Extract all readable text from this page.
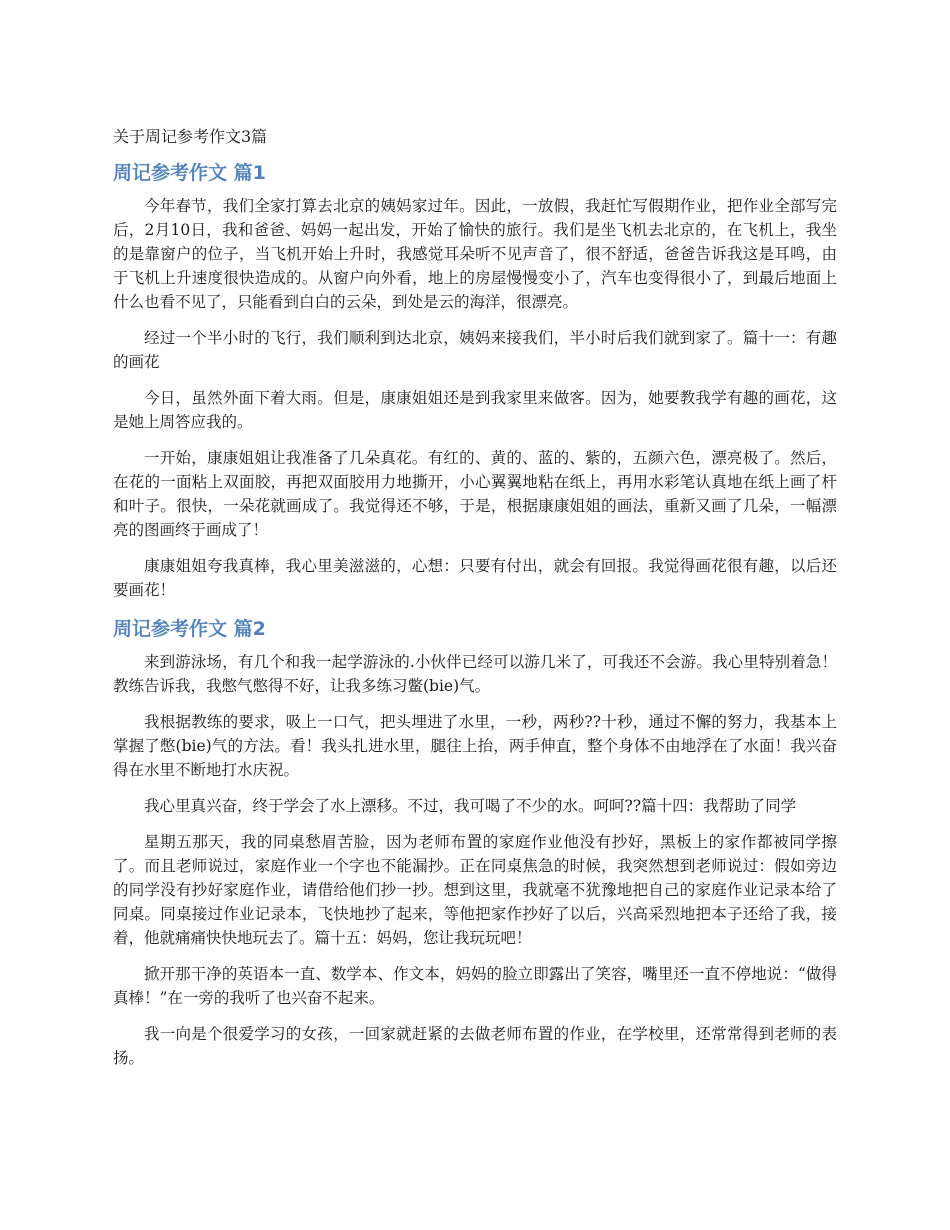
关于周记参考作文3篇
周记参考作文 篇1

今年春节，我们全家打算去北京的姨妈家过年。因此，一放假，我赶忙写假期作业，把作业全部写完后，2月10日，我和爸爸、妈妈一起出发，开始了愉快的旅行。我们是坐飞机去北京的，在飞机上，我坐的是靠窗户的位子，当飞机开始上升时，我感觉耳朵听不见声音了，很不舒适，爸爸告诉我这是耳鸣，由于飞机上升速度很快造成的。从窗户向外看，地上的房屋慢慢变小了，汽车也变得很小了，到最后地面上什么也看不见了，只能看到白白的云朵，到处是云的海洋，很漂亮。

经过一个半小时的飞行，我们顺利到达北京，姨妈来接我们，半小时后我们就到家了。篇十一：有趣的画花

今日，虽然外面下着大雨。但是，康康姐姐还是到我家里来做客。因为，她要教我学有趣的画花，这是她上周答应我的。

一开始，康康姐姐让我准备了几朵真花。有红的、黄的、蓝的、紫的，五颜六色，漂亮极了。然后，在花的一面粘上双面胶，再把双面胶用力地撕开，小心翼翼地粘在纸上，再用水彩笔认真地在纸上画了杆和叶子。很快，一朵花就画成了。我觉得还不够，于是，根据康康姐姐的画法，重新又画了几朵，一幅漂亮的图画终于画成了！

康康姐姐夸我真棒，我心里美滋滋的，心想：只要有付出，就会有回报。我觉得画花很有趣，以后还要画花！

周记参考作文 篇2

来到游泳场，有几个和我一起学游泳的.小伙伴已经可以游几米了，可我还不会游。我心里特别着急！教练告诉我，我憋气憋得不好，让我多练习鳖(bie)气。

我根据教练的要求，吸上一口气，把头埋进了水里，一秒，两秒??十秒，通过不懈的努力，我基本上掌握了憋(bie)气的方法。看！我头扎进水里，腿往上抬，两手伸直，整个身体不由地浮在了水面！我兴奋得在水里不断地打水庆祝。

我心里真兴奋，终于学会了水上漂移。不过，我可喝了不少的水。呵呵??篇十四：我帮助了同学

星期五那天，我的同桌愁眉苦脸，因为老师布置的家庭作业他没有抄好，黑板上的家作都被同学擦了。而且老师说过，家庭作业一个字也不能漏抄。正在同桌焦急的时候，我突然想到老师说过：假如旁边的同学没有抄好家庭作业，请借给他们抄一抄。想到这里，我就毫不犹豫地把自己的家庭作业记录本给了同桌。同桌接过作业记录本，飞快地抄了起来，等他把家作抄好了以后，兴高采烈地把本子还给了我，接着，他就痛痛快快地玩去了。篇十五：妈妈，您让我玩玩吧！

掀开那干净的英语本一直、数学本、作文本，妈妈的脸立即露出了笑容，嘴里还一直不停地说：“做得真棒！”在一旁的我听了也兴奋不起来。

我一向是个很爱学习的女孩，一回家就赶紧的去做老师布置的作业，在学校里，还常常得到老师的表扬。
